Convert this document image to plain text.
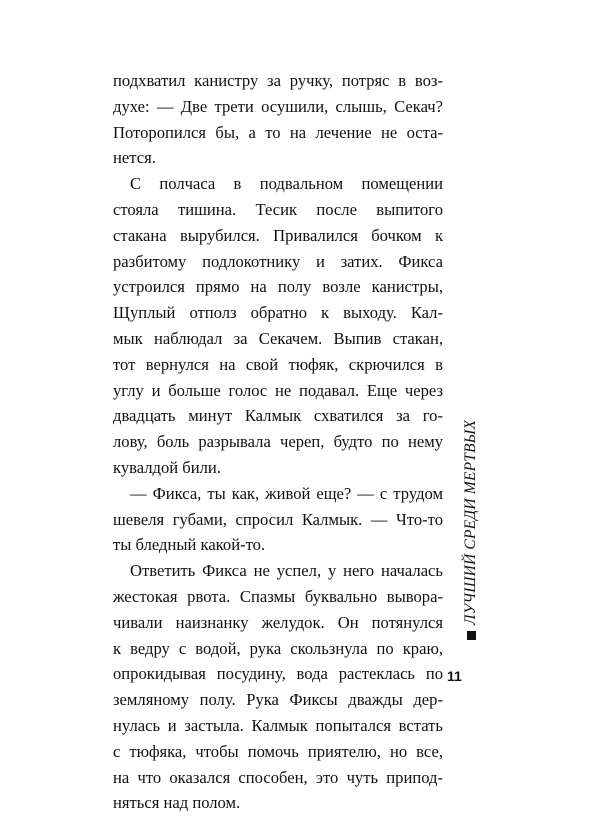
подхватил канистру за ручку, потряс в воз-
духе: — Две трети осушили, слышь, Секач?
Поторопился бы, а то на лечение не оста-
нется.
С полчаса в подвальном помещении
стояла тишина. Тесик после выпитого
стакана вырубился. Привалился бочком к
разбитому подлокотнику и затих. Фикса
устроился прямо на полу возле канистры,
Щуплый отполз обратно к выходу. Кал-
мык наблюдал за Секачем. Выпив стакан,
тот вернулся на свой тюфяк, скрючился в
углу и больше голос не подавал. Еще через
двадцать минут Калмык схватился за го-
лову, боль разрывала череп, будто по нему
кувалдой били.
— Фикса, ты как, живой еще? — с трудом
шевеля губами, спросил Калмык. — Что-то
ты бледный какой-то.
Ответить Фикса не успел, у него началась
жестокая рвота. Спазмы буквально вывора-
чивали наизнанку желудок. Он потянулся
к ведру с водой, рука скользнула по краю,
опрокидывая посудину, вода растеклась по
земляному полу. Рука Фиксы дважды дер-
нулась и застыла. Калмык попытался встать
с тюфяка, чтобы помочь приятелю, но все,
на что оказался способен, это чуть припод-
няться над полом.
ЛУЧШИЙ СРЕДИ МЕРТВЫХ
11
